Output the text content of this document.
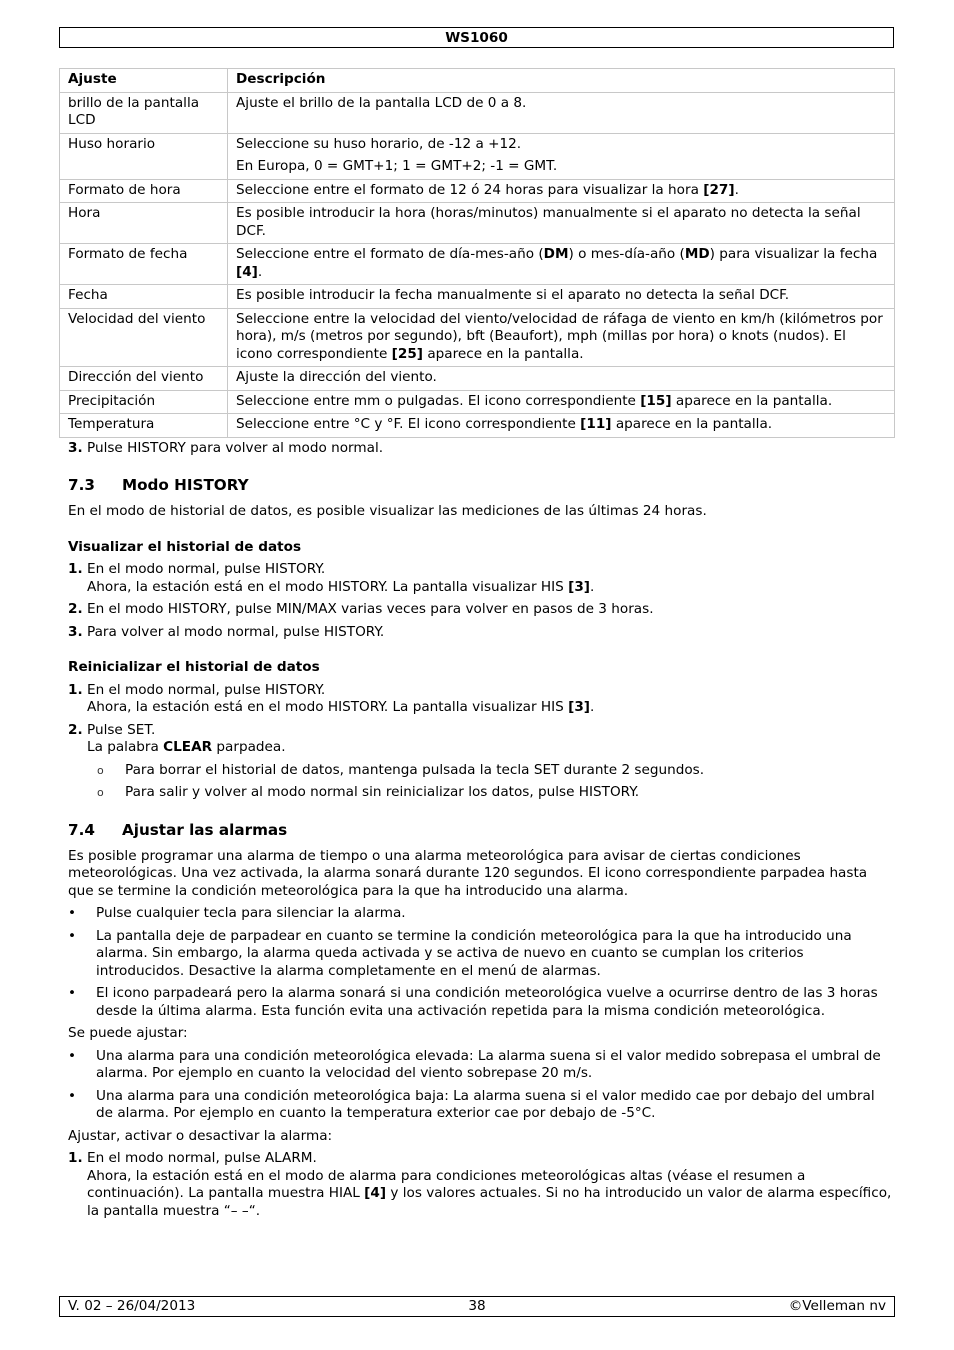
WS1060
Ajuste	Descripción
brillo de la pantalla LCD	Ajuste el brillo de la pantalla LCD de 0 a 8.
Huso horario	Seleccione su huso horario, de -12 a +12.

En Europa, 0 = GMT+1; 1 = GMT+2; -1 = GMT.

Formato de hora	Seleccione entre el formato de 12 ó 24 horas para visualizar la hora [27].
Hora	Es posible introducir la hora (horas/minutos) manualmente si el aparato no detecta la señal DCF.
Formato de fecha	Seleccione entre el formato de día-mes-año (DM) o mes-día-año (MD) para visualizar la fecha [4].
Fecha	Es posible introducir la fecha manualmente si el aparato no detecta la señal DCF.
Velocidad del viento	Seleccione entre la velocidad del viento/velocidad de ráfaga de viento en km/h (kilómetros por hora), m/s (metros por segundo), bft (Beaufort), mph (millas por hora) o knots (nudos). El icono correspondiente [25] aparece en la pantalla.
Dirección del viento	Ajuste la dirección del viento.
Precipitación	Seleccione entre mm o pulgadas. El icono correspondiente [15] aparece en la pantalla.
Temperatura	Seleccione entre °C y °F. El icono correspondiente [11] aparece en la pantalla.
3. Pulse HISTORY para volver al modo normal.
7.3 Modo HISTORY

En el modo de historial de datos, es posible visualizar las mediciones de las últimas 24 horas.

Visualizar el historial de datos
1. En el modo normal, pulse HISTORY.

Ahora, la estación está en el modo HISTORY. La pantalla visualizar HIS [3].

2. En el modo HISTORY, pulse MIN/MAX varias veces para volver en pasos de 3 horas.

3. Para volver al modo normal, pulse HISTORY.

Reinicializar el historial de datos
1. En el modo normal, pulse HISTORY.

Ahora, la estación está en el modo HISTORY. La pantalla visualizar HIS [3].

2. Pulse SET.

La palabra CLEAR parpadea.

o Para borrar el historial de datos, mantenga pulsada la tecla SET durante 2 segundos.

o Para salir y volver al modo normal sin reinicializar los datos, pulse HISTORY.

7.4 Ajustar las alarmas

Es posible programar una alarma de tiempo o una alarma meteorológica para avisar de ciertas condiciones meteorológicas. Una vez activada, la alarma sonará durante 120 segundos. El icono correspondiente parpadea hasta que se termine la condición meteorológica para la que ha introducido una alarma.

• Pulse cualquier tecla para silenciar la alarma.

• La pantalla deje de parpadear en cuanto se termine la condición meteorológica para la que ha introducido una alarma. Sin embargo, la alarma queda activada y se activa de nuevo en cuanto se cumplan los criterios introducidos. Desactive la alarma completamente en el menú de alarmas.

• El icono parpadeará pero la alarma sonará si una condición meteorológica vuelve a ocurrirse dentro de las 3 horas desde la última alarma. Esta función evita una activación repetida para la misma condición meteorológica.

Se puede ajustar:

• Una alarma para una condición meteorológica elevada: La alarma suena si el valor medido sobrepasa el umbral de alarma. Por ejemplo en cuanto la velocidad del viento sobrepase 20 m/s.

• Una alarma para una condición meteorológica baja: La alarma suena si el valor medido cae por debajo del umbral de alarma. Por ejemplo en cuanto la temperatura exterior cae por debajo de -5°C.

Ajustar, activar o desactivar la alarma:

1. En el modo normal, pulse ALARM.

Ahora, la estación está en el modo de alarma para condiciones meteorológicas altas (véase el resumen a continuación). La pantalla muestra HIAL [4] y los valores actuales. Si no ha introducido un valor de alarma específico, la pantalla muestra “– –“.

V. 02 – 26/04/2013	38	©Velleman nv
